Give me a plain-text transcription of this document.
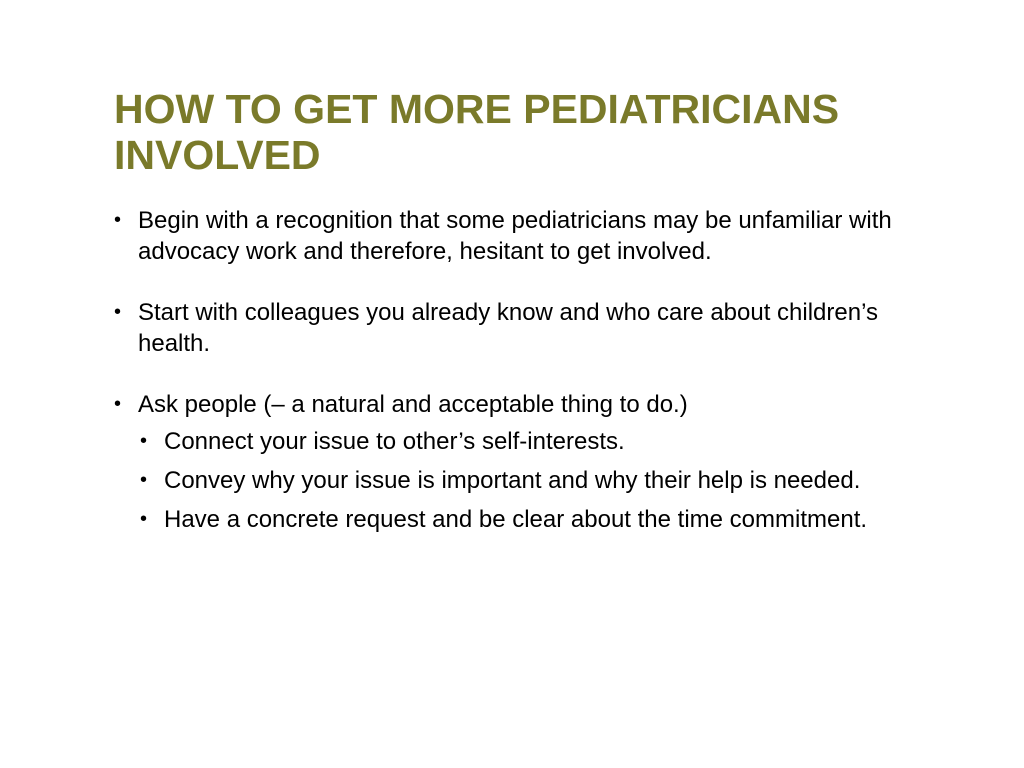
HOW TO GET MORE PEDIATRICIANS
INVOLVED
• Begin with a recognition that some pediatricians may be unfamiliar with advocacy work and therefore, hesitant to get involved.
• Start with colleagues you already know and who care about children’s health.
• Ask people (– a natural and acceptable thing to do.)
• Connect your issue to other’s self-interests.
• Convey why your issue is important and why their help is needed.
• Have a concrete request and be clear about the time commitment.
